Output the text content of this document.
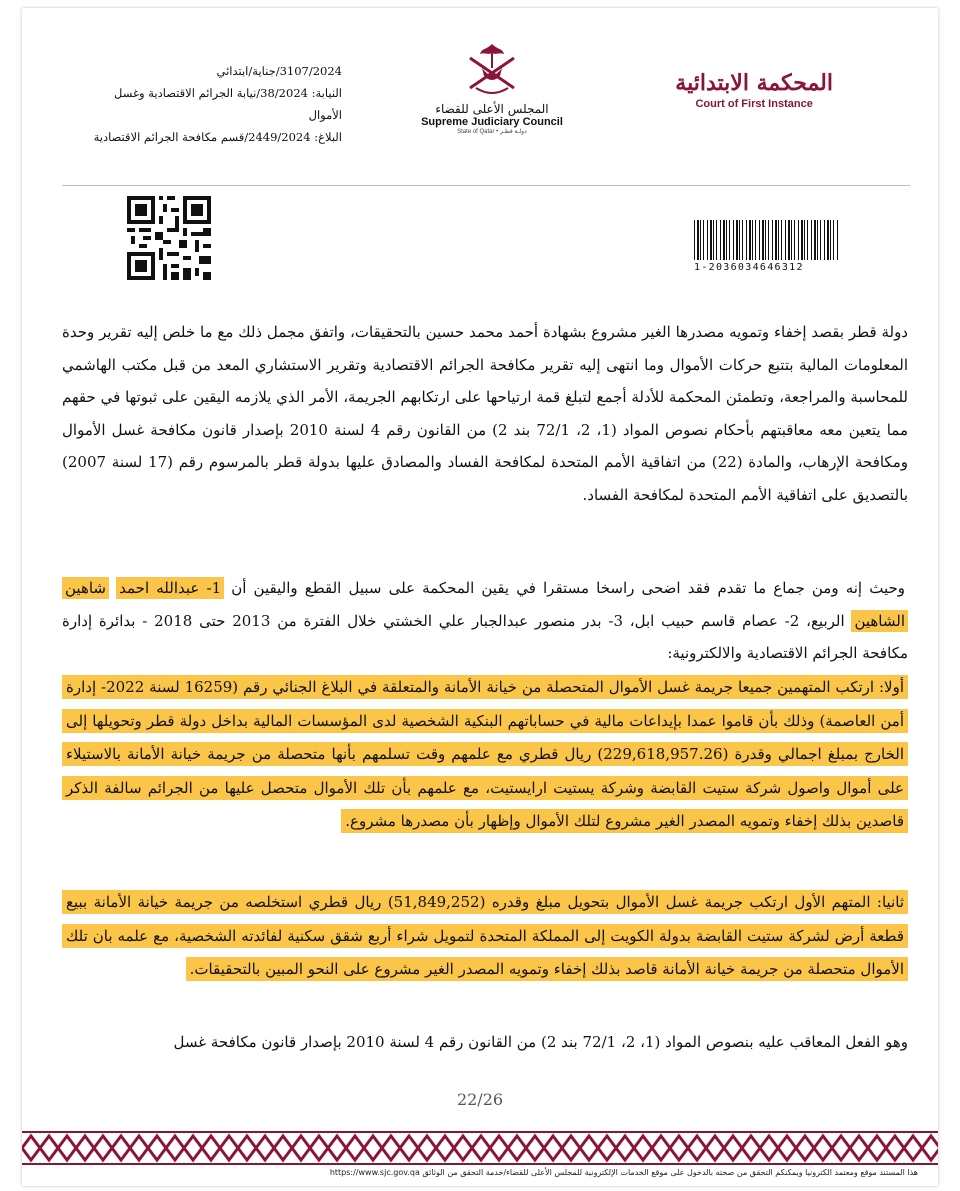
المحكمة الابتدائية
Court of First Instance
المجلس الأعلى للقضاء
Supreme Judiciary Council
State of Qatar • دولـة قطـر
3107/2024/جناية/ابتدائي
النيابة: 38/2024/نيابة الجرائم الاقتصادية وغسل
الأموال
البلاغ: 2449/2024/قسم مكافحة الجرائم الاقتصادية
1-2036034646312

دولة قطر بقصد إخفاء وتمويه مصدرها الغير مشروع بشهادة أحمد محمد حسين بالتحقيقات، واتفق مجمل ذلك مع ما خلص إليه تقرير وحدة المعلومات المالية بتتبع حركات الأموال وما انتهى إليه تقرير مكافحة الجرائم الاقتصادية وتقرير الاستشاري المعد من قبل مكتب الهاشمي للمحاسبة والمراجعة، وتطمئن المحكمة للأدلة أجمع لتبلغ قمة ارتياحها على ارتكابهم الجريمة، الأمر الذي يلازمه اليقين على ثبوتها في حقهم مما يتعين معه معاقبتهم بأحكام نصوص المواد (1، 2، 72/1 بند 2) من القانون رقم 4 لسنة 2010 بإصدار قانون مكافحة غسل الأموال ومكافحة الإرهاب، والمادة (22) من اتفاقية الأمم المتحدة لمكافحة الفساد والمصادق عليها بدولة قطر بالمرسوم رقم (17 لسنة 2007) بالتصديق على اتفاقية الأمم المتحدة لمكافحة الفساد.

وحيث إنه ومن جماع ما تقدم فقد اضحى راسخا مستقرا في يقين المحكمة على سبيل القطع واليقين أن 1- عبدالله احمد شاهين الشاهين الربيع، 2- عصام قاسم حبيب ابل، 3- بدر منصور عبدالجبار علي الخشتي خلال الفترة من 2013 حتى 2018 - بدائرة إدارة مكافحة الجرائم الاقتصادية والالكترونية:
أولا: ارتكب المتهمين جميعا جريمة غسل الأموال المتحصلة من خيانة الأمانة والمتعلقة في البلاغ الجنائي رقم (16259 لسنة 2022- إدارة أمن العاصمة) وذلك بأن قاموا عمدا بإيداعات مالية في حساباتهم البنكية الشخصية لدى المؤسسات المالية بداخل دولة قطر وتحويلها إلى الخارج بمبلغ اجمالي وقدرة (229,618,957.26) ريال قطري مع علمهم وقت تسلمهم بأنها متحصلة من جريمة خيانة الأمانة بالاستيلاء على أموال واصول شركة ستيت القابضة وشركة يستيت ارايستيت، مع علمهم بأن تلك الأموال متحصل عليها من الجرائم سالفة الذكر قاصدين بذلك إخفاء وتمويه المصدر الغير مشروع لتلك الأموال وإظهار بأن مصدرها مشروع.
ثانيا: المتهم الأول ارتكب جريمة غسل الأموال بتحويل مبلغ وقدره (51,849,252) ريال قطري استخلصه من جريمة خيانة الأمانة ببيع قطعة أرض لشركة ستيت القابضة بدولة الكويت إلى المملكة المتحدة لتمويل شراء أربع شقق سكنية لفائدته الشخصية، مع علمه بان تلك الأموال متحصلة من جريمة خيانة الأمانة قاصد بذلك إخفاء وتمويه المصدر الغير مشروع على النحو المبين بالتحقيقات.
وهو الفعل المعاقب عليه بنصوص المواد (1، 2، 72/1 بند 2) من القانون رقم 4 لسنة 2010 بإصدار قانون مكافحة غسل
22/26
هذا المستند موقع ومعتمد الكترونيا ويمكنكم التحقق من صحته بالدخول على موقع الخدمات الإلكترونية للمجلس الأعلى للقضاء/خدمة التحقق من الوثائق https://www.sjc.gov.qa
